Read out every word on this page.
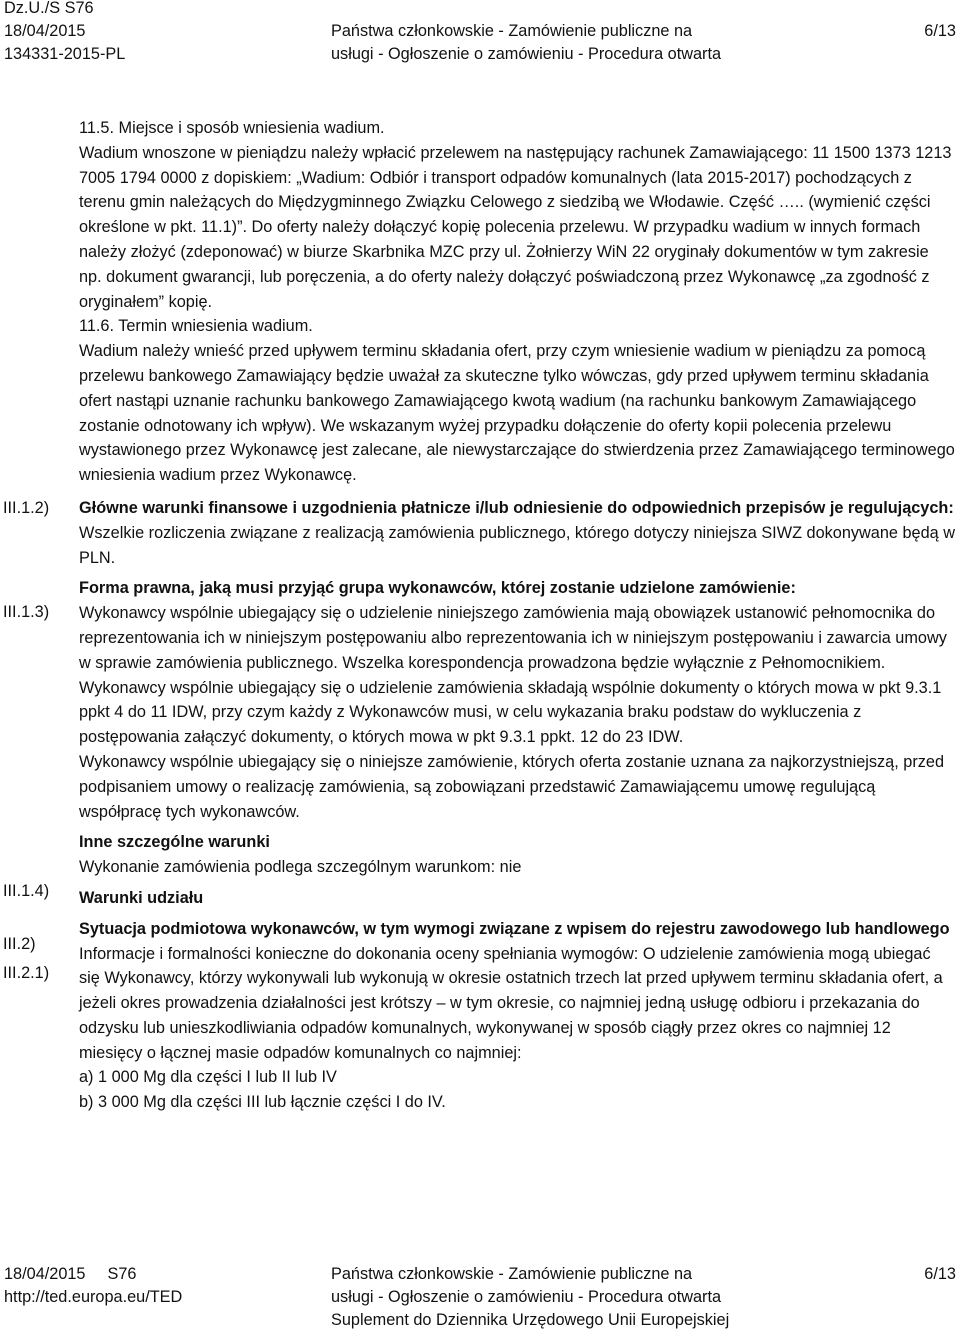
Dz.U./S S76
18/04/2015
134331-2015-PL
Państwa członkowskie - Zamówienie publiczne na
usługi - Ogłoszenie o zamówieniu - Procedura otwarta
6/13
III.1.2)
III.1.3)
III.1.4)
III.2)
III.2.1)

11.5. Miejsce i sposób wniesienia wadium.

Wadium wnoszone w pieniądzu należy wpłacić przelewem na następujący rachunek Zamawiającego: 11 1500 1373 1213 7005 1794 0000 z dopiskiem: „Wadium: Odbiór i transport odpadów komunalnych (lata 2015-2017) pochodzących z terenu gmin należących do Międzygminnego Związku Celowego z siedzibą we Włodawie. Część ….. (wymienić części określone w pkt. 11.1)”. Do oferty należy dołączyć kopię polecenia przelewu. W przypadku wadium w innych formach należy złożyć (zdeponować) w biurze Skarbnika MZC przy ul. Żołnierzy WiN 22 oryginały dokumentów w tym zakresie np. dokument gwarancji, lub poręczenia, a do oferty należy dołączyć poświadczoną przez Wykonawcę „za zgodność z oryginałem” kopię.

11.6. Termin wniesienia wadium.

Wadium należy wnieść przed upływem terminu składania ofert, przy czym wniesienie wadium w pieniądzu za pomocą przelewu bankowego Zamawiający będzie uważał za skuteczne tylko wówczas, gdy przed upływem terminu składania ofert nastąpi uznanie rachunku bankowego Zamawiającego kwotą wadium (na rachunku bankowym Zamawiającego zostanie odnotowany ich wpływ). We wskazanym wyżej przypadku dołączenie do oferty kopii polecenia przelewu wystawionego przez Wykonawcę jest zalecane, ale niewystarczające do stwierdzenia przez Zamawiającego terminowego wniesienia wadium przez Wykonawcę.

Główne warunki finansowe i uzgodnienia płatnicze i/lub odniesienie do odpowiednich przepisów je regulujących:

Wszelkie rozliczenia związane z realizacją zamówienia publicznego, którego dotyczy niniejsza SIWZ dokonywane będą w PLN.

Forma prawna, jaką musi przyjąć grupa wykonawców, której zostanie udzielone zamówienie:

Wykonawcy wspólnie ubiegający się o udzielenie niniejszego zamówienia mają obowiązek ustanowić pełnomocnika do reprezentowania ich w niniejszym postępowaniu albo reprezentowania ich w niniejszym postępowaniu i zawarcia umowy w sprawie zamówienia publicznego. Wszelka korespondencja prowadzona będzie wyłącznie z Pełnomocnikiem.

Wykonawcy wspólnie ubiegający się o udzielenie zamówienia składają wspólnie dokumenty o których mowa w pkt 9.3.1 ppkt 4 do 11 IDW, przy czym każdy z Wykonawców musi, w celu wykazania braku podstaw do wykluczenia z postępowania załączyć dokumenty, o których mowa w pkt 9.3.1 ppkt. 12 do 23 IDW.

Wykonawcy wspólnie ubiegający się o niniejsze zamówienie, których oferta zostanie uznana za najkorzystniejszą, przed podpisaniem umowy o realizację zamówienia, są zobowiązani przedstawić Zamawiającemu umowę regulującą współpracę tych wykonawców.

Inne szczególne warunki

Wykonanie zamówienia podlega szczególnym warunkom: nie

Warunki udziału

Sytuacja podmiotowa wykonawców, w tym wymogi związane z wpisem do rejestru zawodowego lub handlowego

Informacje i formalności konieczne do dokonania oceny spełniania wymogów: O udzielenie zamówienia mogą ubiegać się Wykonawcy, którzy wykonywali lub wykonują w okresie ostatnich trzech lat przed upływem terminu składania ofert, a jeżeli okres prowadzenia działalności jest krótszy – w tym okresie, co najmniej jedną usługę odbioru i przekazania do odzysku lub unieszkodliwiania odpadów komunalnych, wykonywanej w sposób ciągły przez okres co najmniej 12 miesięcy o łącznej masie odpadów komunalnych co najmniej:

a) 1 000 Mg dla części I lub II lub IV

b) 3 000 Mg dla części III lub łącznie części I do IV.

18/04/2015 S76
http://ted.europa.eu/TED
Państwa członkowskie - Zamówienie publiczne na
usługi - Ogłoszenie o zamówieniu - Procedura otwarta
Suplement do Dziennika Urzędowego Unii Europejskiej
6/13
